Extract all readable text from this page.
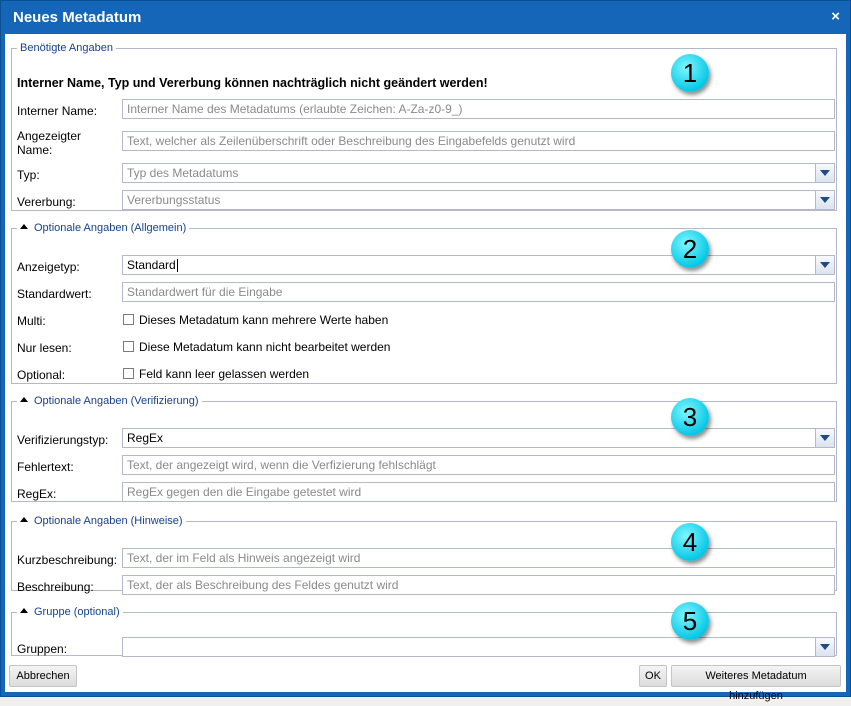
Neues Metadatum	×
Benötigte Angaben
Interner Name, Typ und Vererbung können nachträglich nicht geändert werden!
Interner Name:	Interner Name des Metadatums (erlaubte Zeichen: A-Za-z0-9_)
Angezeigter
Name:
Text, welcher als Zeilenüberschrift oder Beschreibung des Eingabefelds genutzt wird
Typ:	Typ des Metadatums
Vererbung:	Vererbungsstatus
1
Optionale Angaben (Allgemein)
Anzeigetyp:	Standard
Standardwert:	Standardwert für die Eingabe
Multi:	Dieses Metadatum kann mehrere Werte haben
Nur lesen:	Diese Metadatum kann nicht bearbeitet werden
Optional:	Feld kann leer gelassen werden
2
Optionale Angaben (Verifizierung)
Verifizierungstyp:	RegEx
Fehlertext:	Text, der angezeigt wird, wenn die Verfizierung fehlschlägt
RegEx:	RegEx gegen den die Eingabe getestet wird
3
Optionale Angaben (Hinweise)
Kurzbeschreibung: Text, der im Feld als Hinweis angezeigt wird
Beschreibung:	Text, der als Beschreibung des Feldes genutzt wird
4
Gruppe (optional)
Gruppen:
5
Abbrechen	OK	Weiteres Metadatum hinzufügen
